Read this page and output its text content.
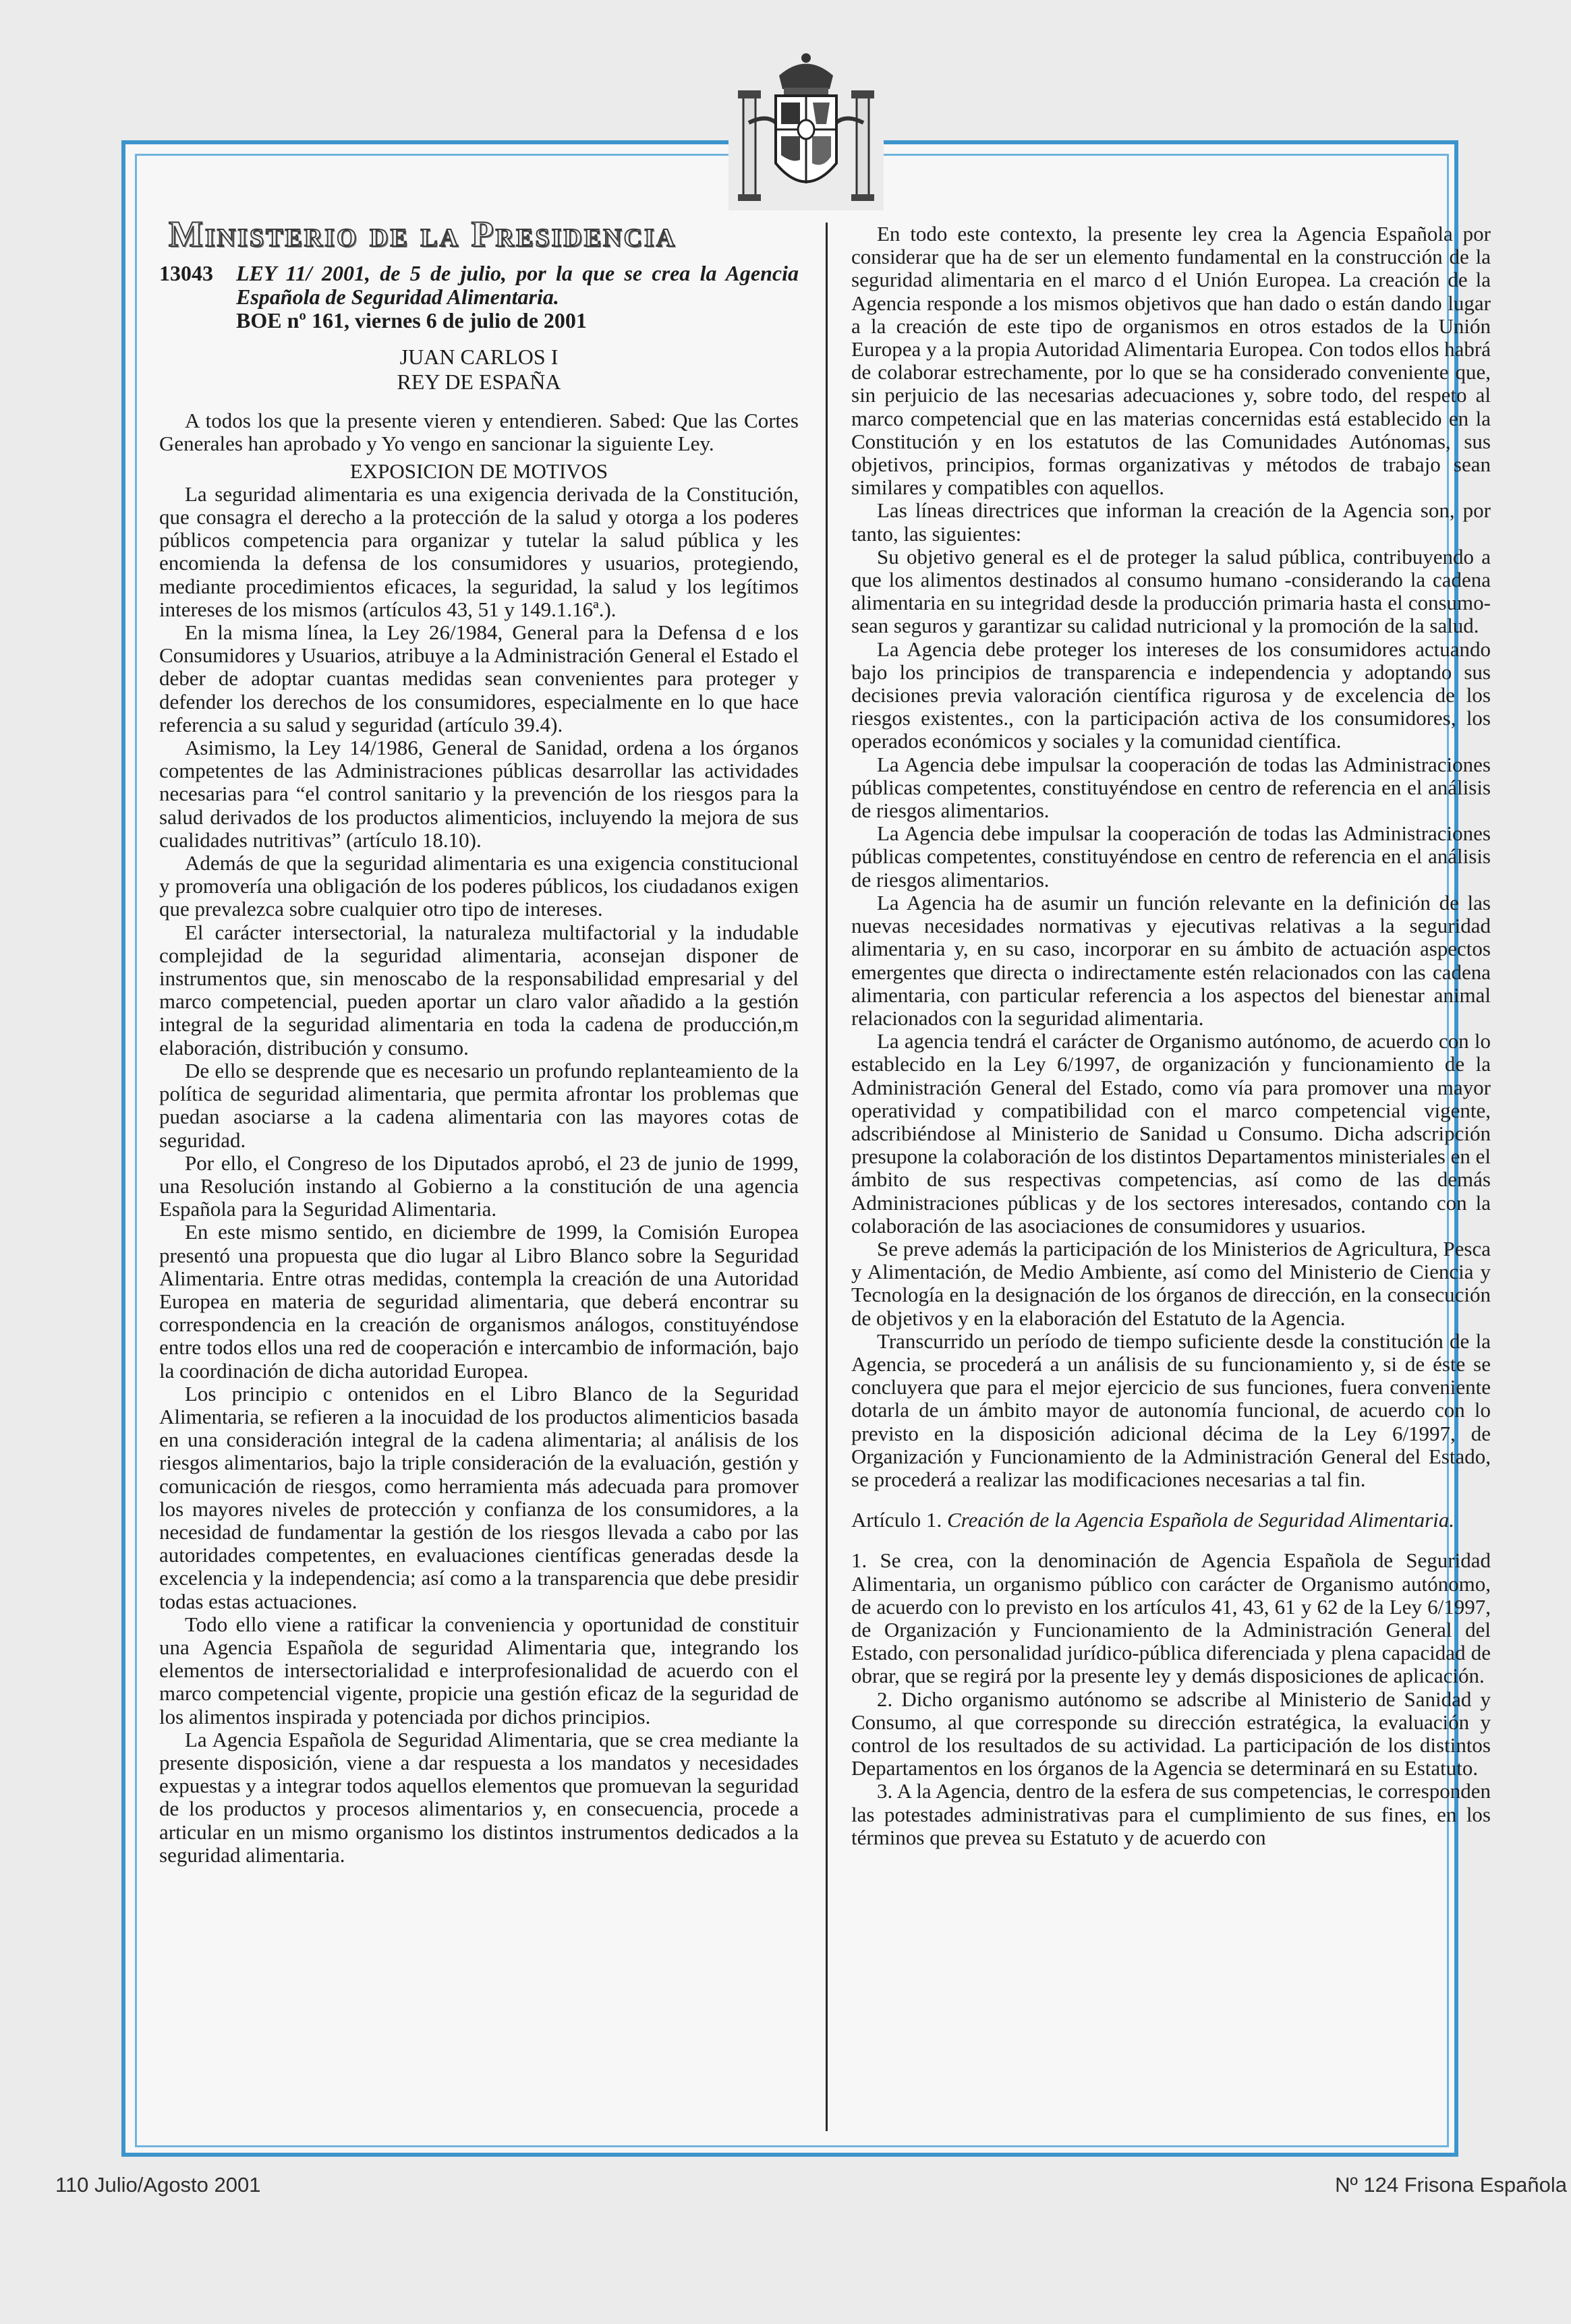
Ministerio de la Presidencia
13043	LEY 11/ 2001, de 5 de julio, por la que se crea la Agencia Española de Seguridad Alimentaria.
BOE nº 161, viernes 6 de julio de 2001
JUAN CARLOS I
REY DE ESPAÑA

A todos los que la presente vieren y entendieren. Sabed: Que las Cortes Generales han aprobado y Yo vengo en sancionar la siguiente Ley.

EXPOSICION DE MOTIVOS

La seguridad alimentaria es una exigencia derivada de la Constitución, que consagra el derecho a la protección de la salud y otorga a los poderes públicos competencia para organizar y tutelar la salud pública y les encomienda la defensa de los consumidores y usuarios, protegiendo, mediante procedimientos eficaces, la seguridad, la salud y los legítimos intereses de los mismos (artículos 43, 51 y 149.1.16ª.).

En la misma línea, la Ley 26/1984, General para la Defensa d e los Consumidores y Usuarios, atribuye a la Administración General el Estado el deber de adoptar cuantas medidas sean convenientes para proteger y defender los derechos de los consumidores, especialmente en lo que hace referencia a su salud y seguridad (artículo 39.4).

Asimismo, la Ley 14/1986, General de Sanidad, ordena a los órganos competentes de las Administraciones públicas desarrollar las actividades necesarias para “el control sanitario y la prevención de los riesgos para la salud derivados de los productos alimenticios, incluyendo la mejora de sus cualidades nutritivas” (artículo 18.10).

Además de que la seguridad alimentaria es una exigencia constitucional y promovería una obligación de los poderes públicos, los ciudadanos exigen que prevalezca sobre cualquier otro tipo de intereses.

El carácter intersectorial, la naturaleza multifactorial y la indudable complejidad de la seguridad alimentaria, aconsejan disponer de instrumentos que, sin menoscabo de la responsabilidad empresarial y del marco competencial, pueden aportar un claro valor añadido a la gestión integral de la seguridad alimentaria en toda la cadena de producción,m elaboración, distribución y consumo.

De ello se desprende que es necesario un profundo replanteamiento de la política de seguridad alimentaria, que permita afrontar los problemas que puedan asociarse a la cadena alimentaria con las mayores cotas de seguridad.

Por ello, el Congreso de los Diputados aprobó, el 23 de junio de 1999, una Resolución instando al Gobierno a la constitución de una agencia Española para la Seguridad Alimentaria.

En este mismo sentido, en diciembre de 1999, la Comisión Europea presentó una propuesta que dio lugar al Libro Blanco sobre la Seguridad Alimentaria. Entre otras medidas, contempla la creación de una Autoridad Europea en materia de seguridad alimentaria, que deberá encontrar su correspondencia en la creación de organismos análogos, constituyéndose entre todos ellos una red de cooperación e intercambio de información, bajo la coordinación de dicha autoridad Europea.

Los principio c ontenidos en el Libro Blanco de la Seguridad Alimentaria, se refieren a la inocuidad de los productos alimenticios basada en una consideración integral de la cadena alimentaria; al análisis de los riesgos alimentarios, bajo la triple consideración de la evaluación, gestión y comunicación de riesgos, como herramienta más adecuada para promover los mayores niveles de protección y confianza de los consumidores, a la necesidad de fundamentar la gestión de los riesgos llevada a cabo por las autoridades competentes, en evaluaciones científicas generadas desde la excelencia y la independencia; así como a la transparencia que debe presidir todas estas actuaciones.

Todo ello viene a ratificar la conveniencia y oportunidad de constituir una Agencia Española de seguridad Alimentaria que, integrando los elementos de intersectorialidad e interprofesionalidad de acuerdo con el marco competencial vigente, propicie una gestión eficaz de la seguridad de los alimentos inspirada y potenciada por dichos principios.

La Agencia Española de Seguridad Alimentaria, que se crea mediante la presente disposición, viene a dar respuesta a los mandatos y necesidades expuestas y a integrar todos aquellos elementos que promuevan la seguridad de los productos y procesos alimentarios y, en consecuencia, procede a articular en un mismo organismo los distintos instrumentos dedicados a la seguridad alimentaria.

En todo este contexto, la presente ley crea la Agencia Española por considerar que ha de ser un elemento fundamental en la construcción de la seguridad alimentaria en el marco d el Unión Europea. La creación de la Agencia responde a los mismos objetivos que han dado o están dando lugar a la creación de este tipo de organismos en otros estados de la Unión Europea y a la propia Autoridad Alimentaria Europea. Con todos ellos habrá de colaborar estrechamente, por lo que se ha considerado conveniente que, sin perjuicio de las necesarias adecuaciones y, sobre todo, del respeto al marco competencial que en las materias concernidas está establecido en la Constitución y en los estatutos de las Comunidades Autónomas, sus objetivos, principios, formas organizativas y métodos de trabajo sean similares y compatibles con aquellos.

Las líneas directrices que informan la creación de la Agencia son, por tanto, las siguientes:

Su objetivo general es el de proteger la salud pública, contribuyendo a que los alimentos destinados al consumo humano -considerando la cadena alimentaria en su integridad desde la producción primaria hasta el consumo- sean seguros y garantizar su calidad nutricional y la promoción de la salud.

La Agencia debe proteger los intereses de los consumidores actuando bajo los principios de transparencia e independencia y adoptando sus decisiones previa valoración científica rigurosa y de excelencia de los riesgos existentes., con la participación activa de los consumidores, los operados económicos y sociales y la comunidad científica.

La Agencia debe impulsar la cooperación de todas las Administraciones públicas competentes, constituyéndose en centro de referencia en el análisis de riesgos alimentarios.

La Agencia debe impulsar la cooperación de todas las Administraciones públicas competentes, constituyéndose en centro de referencia en el análisis de riesgos alimentarios.

La Agencia ha de asumir un función relevante en la definición de las nuevas necesidades normativas y ejecutivas relativas a la seguridad alimentaria y, en su caso, incorporar en su ámbito de actuación aspectos emergentes que directa o indirectamente estén relacionados con las cadena alimentaria, con particular referencia a los aspectos del bienestar animal relacionados con la seguridad alimentaria.

La agencia tendrá el carácter de Organismo autónomo, de acuerdo con lo establecido en la Ley 6/1997, de organización y funcionamiento de la Administración General del Estado, como vía para promover una mayor operatividad y compatibilidad con el marco competencial vigente, adscribiéndose al Ministerio de Sanidad u Consumo. Dicha adscripción presupone la colaboración de los distintos Departamentos ministeriales en el ámbito de sus respectivas competencias, así como de las demás Administraciones públicas y de los sectores interesados, contando con la colaboración de las asociaciones de consumidores y usuarios.

Se preve además la participación de los Ministerios de Agricultura, Pesca y Alimentación, de Medio Ambiente, así como del Ministerio de Ciencia y Tecnología en la designación de los órganos de dirección, en la consecución de objetivos y en la elaboración del Estatuto de la Agencia.

Transcurrido un período de tiempo suficiente desde la constitución de la Agencia, se procederá a un análisis de su funcionamiento y, si de éste se concluyera que para el mejor ejercicio de sus funciones, fuera conveniente dotarla de un ámbito mayor de autonomía funcional, de acuerdo con lo previsto en la disposición adicional décima de la Ley 6/1997, de Organización y Funcionamiento de la Administración General del Estado, se procederá a realizar las modificaciones necesarias a tal fin.

Artículo 1. Creación de la Agencia Española de Seguridad Alimentaria.

1. Se crea, con la denominación de Agencia Española de Seguridad Alimentaria, un organismo público con carácter de Organismo autónomo, de acuerdo con lo previsto en los artículos 41, 43, 61 y 62 de la Ley 6/1997, de Organización y Funcionamiento de la Administración General del Estado, con personalidad jurídico-pública diferenciada y plena capacidad de obrar, que se regirá por la presente ley y demás disposiciones de aplicación.

2. Dicho organismo autónomo se adscribe al Ministerio de Sanidad y Consumo, al que corresponde su dirección estratégica, la evaluación y control de los resultados de su actividad. La participación de los distintos Departamentos en los órganos de la Agencia se determinará en su Estatuto.

3. A la Agencia, dentro de la esfera de sus competencias, le corresponden las potestades administrativas para el cumplimiento de sus fines, en los términos que prevea su Estatuto y de acuerdo con

110 Julio/Agosto 2001	Nº 124 Frisona Española
